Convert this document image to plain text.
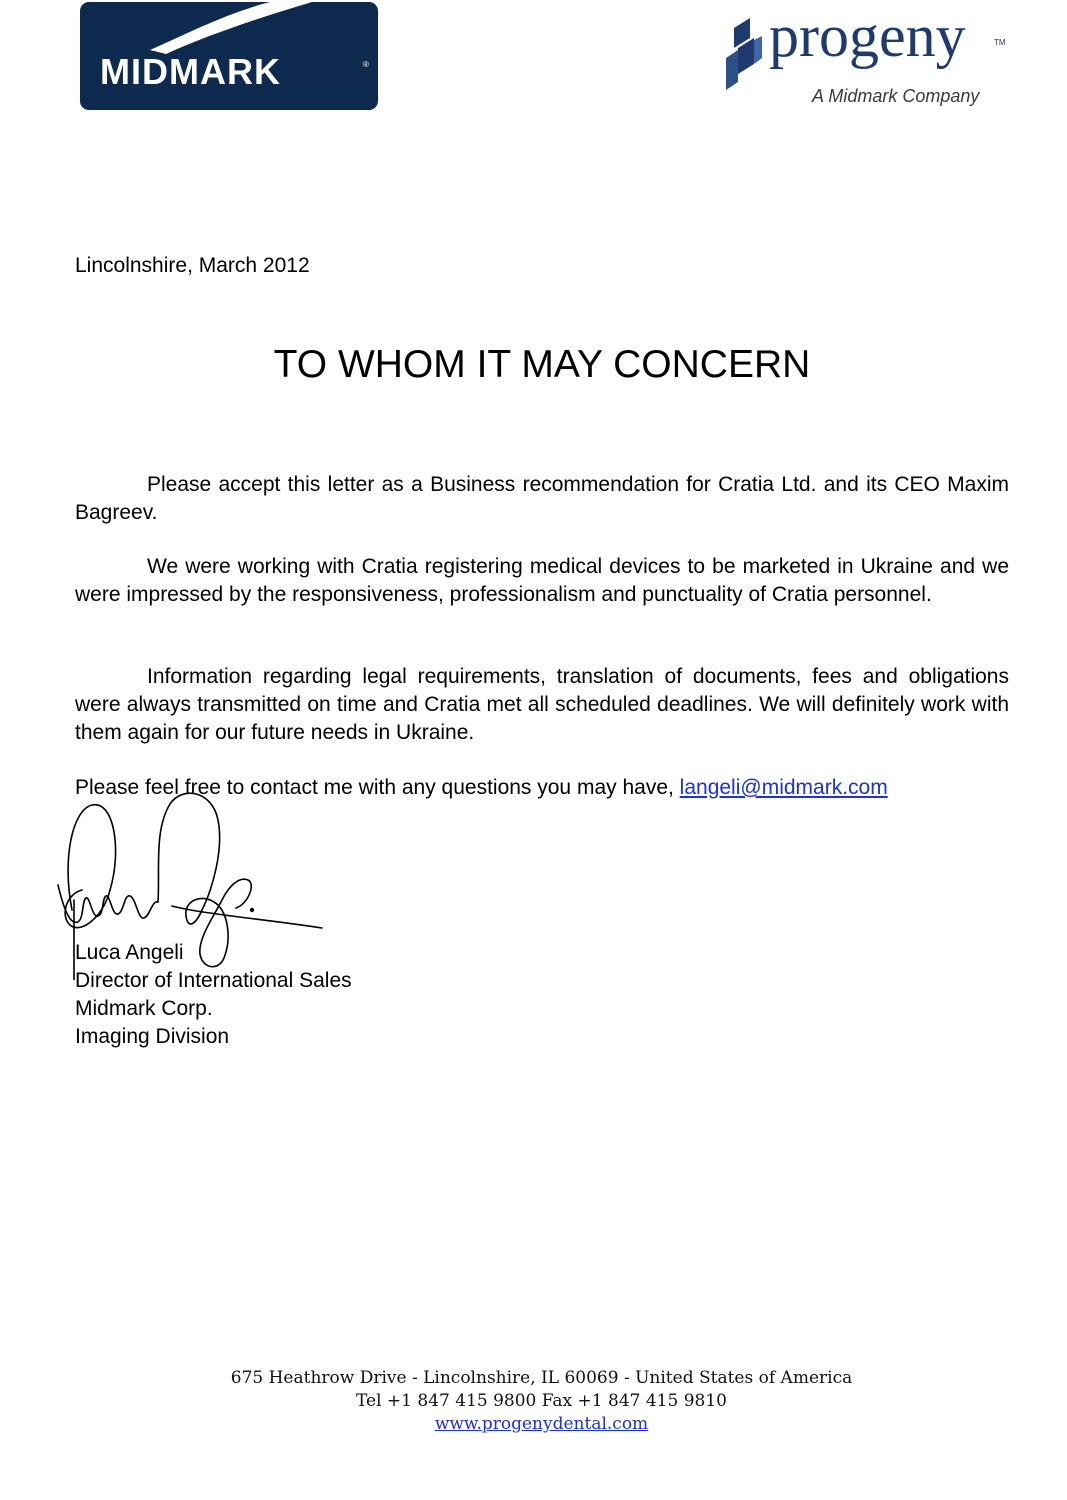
MIDMARK	®	progeny	TM
A Midmark Company
Lincolnshire, March 2012
TO WHOM IT MAY CONCERN
Please accept this letter as a Business recommendation for Cratia Ltd. and its CEO Maxim Bagreev.
We were working with Cratia registering medical devices to be marketed in Ukraine and we were impressed by the responsiveness, professionalism and punctuality of Cratia personnel.
Information regarding legal requirements, translation of documents, fees and obligations were always transmitted on time and Cratia met all scheduled deadlines. We will definitely work with them again for our future needs in Ukraine.
Please feel free to contact me with any questions you may have, langeli@midmark.com
Luca Angeli
Director of International Sales
Midmark Corp.
Imaging Division
675 Heathrow Drive - Lincolnshire, IL 60069 - United States of America
Tel +1 847 415 9800 Fax +1 847 415 9810
www.progenydental.com
